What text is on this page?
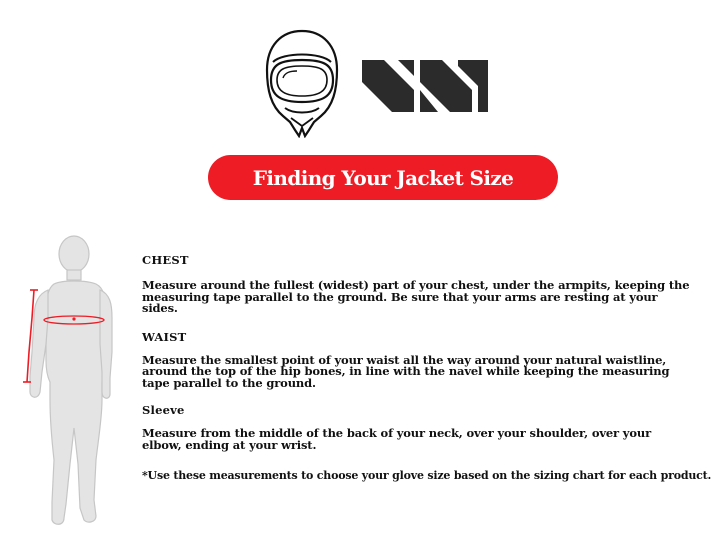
Finding Your Jacket Size

CHEST

Measure around the fullest (widest) part of your chest, under the armpits, keeping the measuring tape parallel to the ground. Be sure that your arms are resting at your sides.

WAIST

Measure the smallest point of your waist all the way around your natural waistline, around the top of the hip bones, in line with the navel while keeping the measuring tape parallel to the ground.

Sleeve

Measure from the middle of the back of your neck, over your shoulder, over your elbow, ending at your wrist.

*Use these measurements to choose your glove size based on the sizing chart for each product.
